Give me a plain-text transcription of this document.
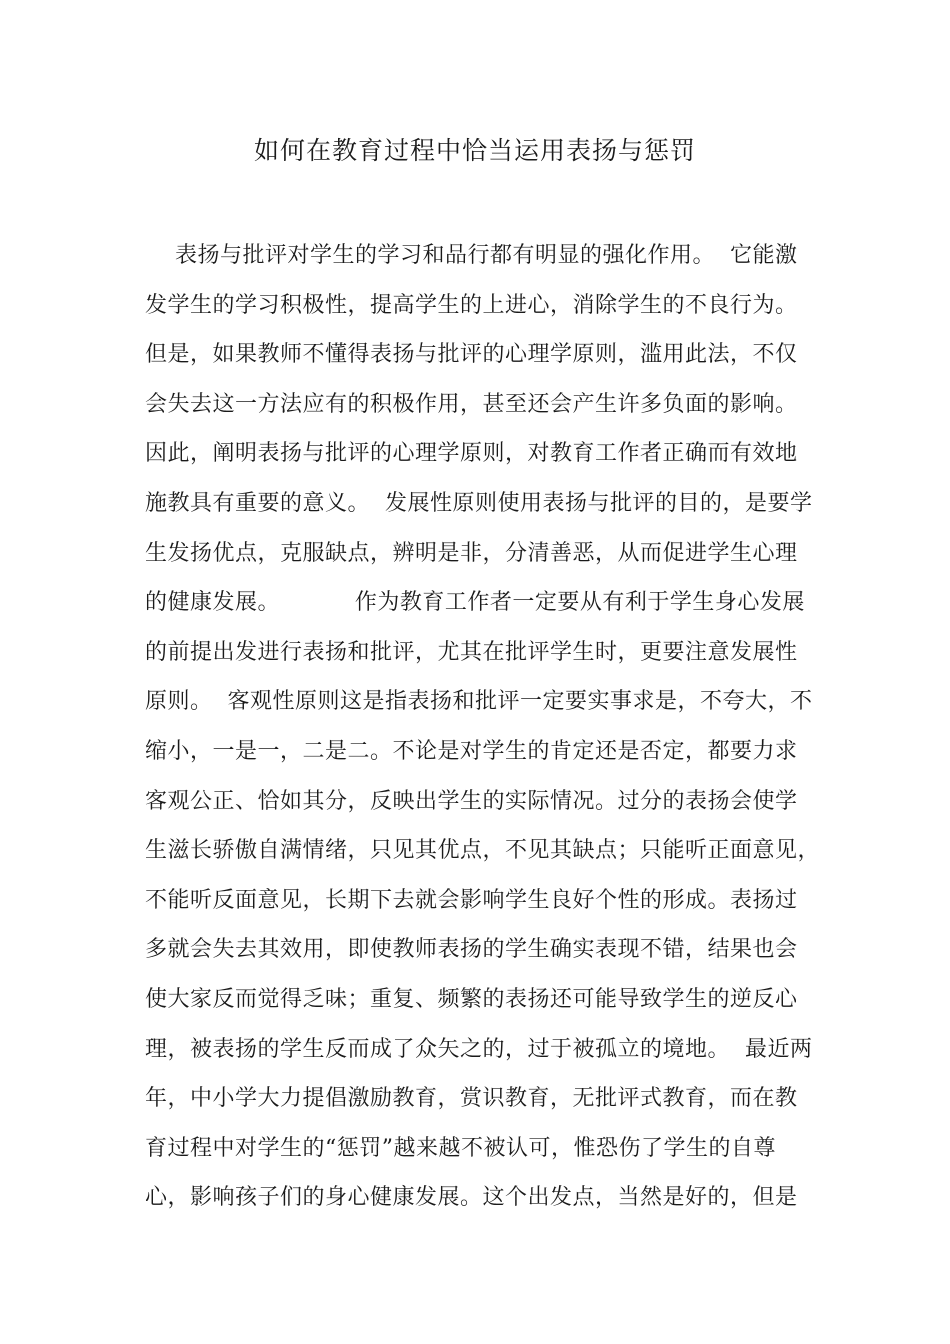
如何在教育过程中恰当运用表扬与惩罚
表扬与批评对学生的学习和品行都有明显的强化作用。  它能激
发学生的学习积极性，提高学生的上进心，消除学生的不良行为。
但是，如果教师不懂得表扬与批评的心理学原则，滥用此法，不仅
会失去这一方法应有的积极作用，甚至还会产生许多负面的影响。
因此，阐明表扬与批评的心理学原则，对教育工作者正确而有效地
施教具有重要的意义。  发展性原则使用表扬与批评的目的，是要学
生发扬优点，克服缺点，辨明是非，分清善恶，从而促进学生心理
的健康发展。          作为教育工作者一定要从有利于学生身心发展
的前提出发进行表扬和批评，尤其在批评学生时，更要注意发展性
原则。  客观性原则这是指表扬和批评一定要实事求是，不夸大，不
缩小，一是一，二是二。不论是对学生的肯定还是否定，都要力求
客观公正、恰如其分，反映出学生的实际情况。过分的表扬会使学
生滋长骄傲自满情绪，只见其优点，不见其缺点；只能听正面意见，
不能听反面意见，长期下去就会影响学生良好个性的形成。表扬过
多就会失去其效用，即使教师表扬的学生确实表现不错，结果也会
使大家反而觉得乏味；重复、频繁的表扬还可能导致学生的逆反心
理，被表扬的学生反而成了众矢之的，过于被孤立的境地。  最近两
年，中小学大力提倡激励教育，赏识教育，无批评式教育，而在教
育过程中对学生的“惩罚”越来越不被认可，惟恐伤了学生的自尊
心，影响孩子们的身心健康发展。这个出发点，当然是好的，但是
